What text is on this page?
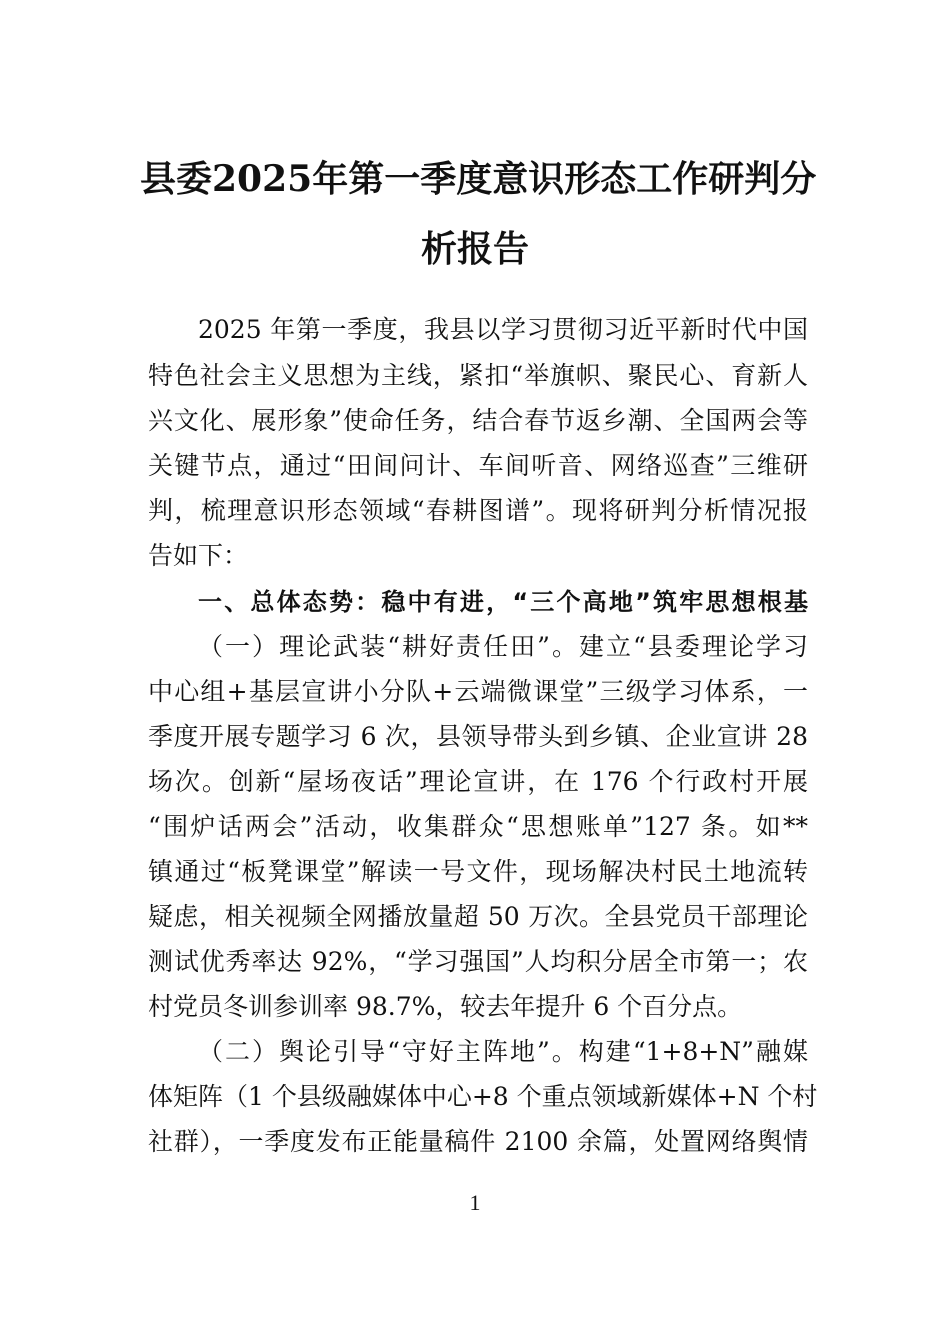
县委2025年第一季度意识形态工作研判分
析报告
2025 年第一季度，我县以学习贯彻习近平新时代中国
特色社会主义思想为主线，紧扣“举旗帜、聚民心、育新人
兴文化、展形象”使命任务，结合春节返乡潮、全国两会等
关键节点，通过“田间问计、车间听音、网络巡查”三维研
判，梳理意识形态领域“春耕图谱”。现将研判分析情况报
告如下：
一、总体态势：稳中有进，“三个高地”筑牢思想根基
（一）理论武装“耕好责任田”。建立“县委理论学习
中心组+基层宣讲小分队+云端微课堂”三级学习体系，一
季度开展专题学习 6 次，县领导带头到乡镇、企业宣讲 28
场次。创新“屋场夜话”理论宣讲，在 176 个行政村开展
“围炉话两会”活动，收集群众“思想账单”127 条。如**
镇通过“板凳课堂”解读一号文件，现场解决村民土地流转
疑虑，相关视频全网播放量超 50 万次。全县党员干部理论
测试优秀率达 92%，“学习强国”人均积分居全市第一；农
村党员冬训参训率 98.7%，较去年提升 6 个百分点。
（二）舆论引导“守好主阵地”。构建“1+8+N”融媒
体矩阵（1 个县级融媒体中心+8 个重点领域新媒体+N 个村
社群），一季度发布正能量稿件 2100 余篇，处置网络舆情
1
